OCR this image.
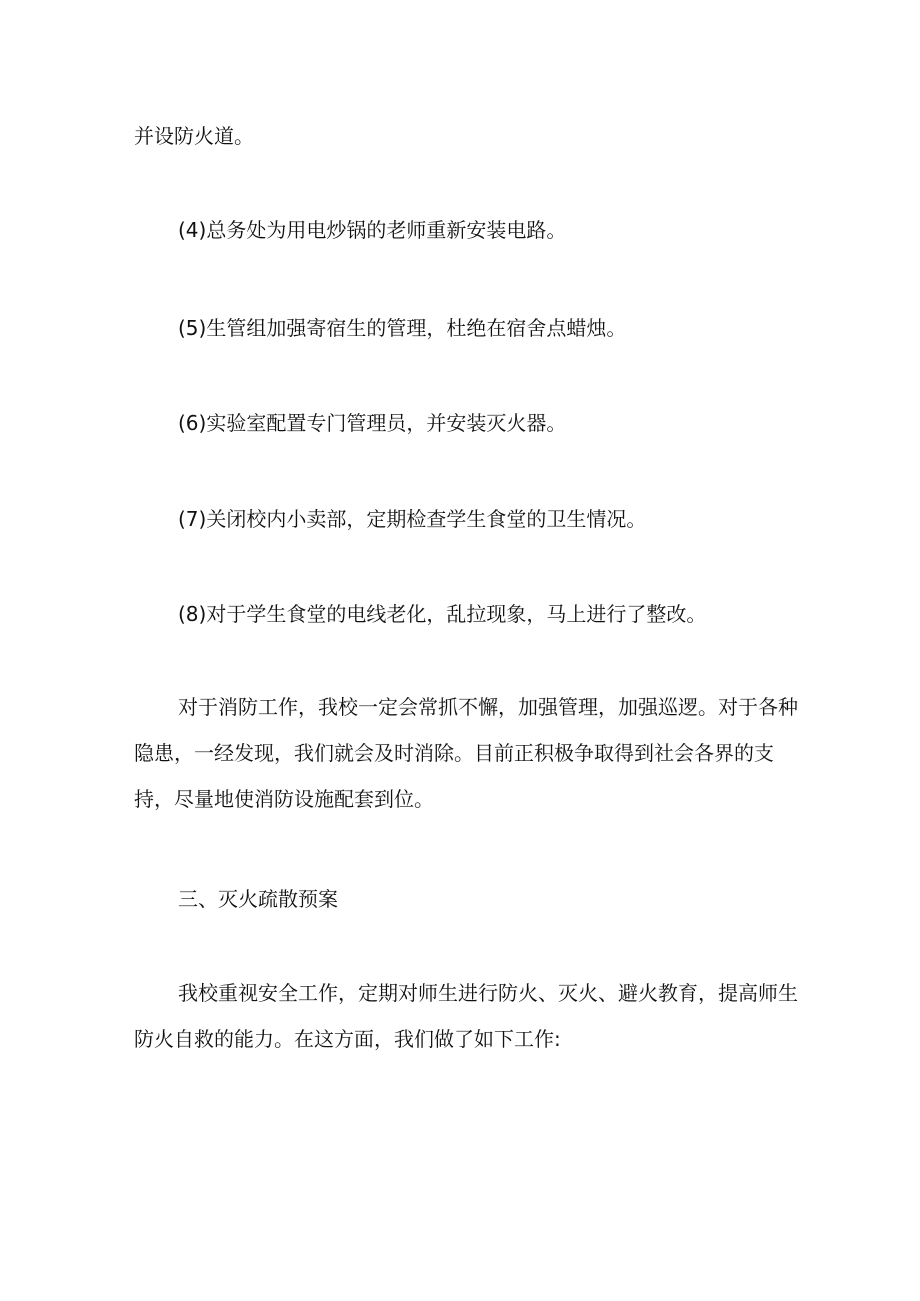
并设防火道。

(4)总务处为用电炒锅的老师重新安装电路。

(5)生管组加强寄宿生的管理，杜绝在宿舍点蜡烛。

(6)实验室配置专门管理员，并安装灭火器。

(7)关闭校内小卖部，定期检查学生食堂的卫生情况。

(8)对于学生食堂的电线老化，乱拉现象，马上进行了整改。

对于消防工作，我校一定会常抓不懈，加强管理，加强巡逻。对于各种隐患，一经发现，我们就会及时消除。目前正积极争取得到社会各界的支持，尽量地使消防设施配套到位。

三、灭火疏散预案

我校重视安全工作，定期对师生进行防火、灭火、避火教育，提高师生防火自救的能力。在这方面，我们做了如下工作:
